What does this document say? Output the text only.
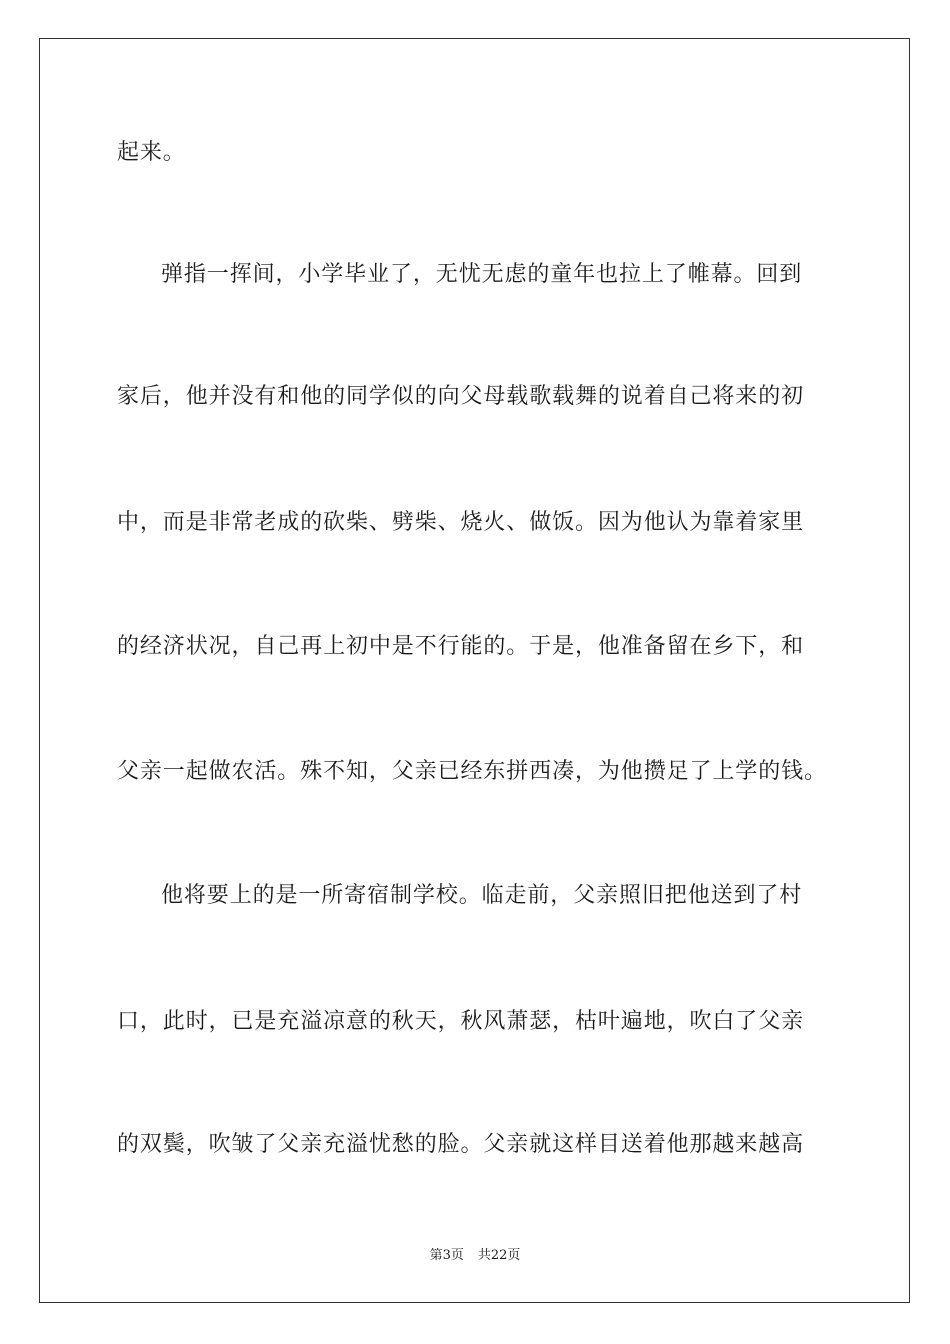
起来。
弹指一挥间，小学毕业了，无忧无虑的童年也拉上了帷幕。回到
家后，他并没有和他的同学似的向父母载歌载舞的说着自己将来的初
中，而是非常老成的砍柴、劈柴、烧火、做饭。因为他认为靠着家里
的经济状况，自己再上初中是不行能的。于是，他准备留在乡下，和
父亲一起做农活。殊不知，父亲已经东拼西凑，为他攒足了上学的钱。
他将要上的是一所寄宿制学校。临走前，父亲照旧把他送到了村
口，此时，已是充溢凉意的秋天，秋风萧瑟，枯叶遍地，吹白了父亲
的双鬓，吹皱了父亲充溢忧愁的脸。父亲就这样目送着他那越来越高
第3页 共22页
